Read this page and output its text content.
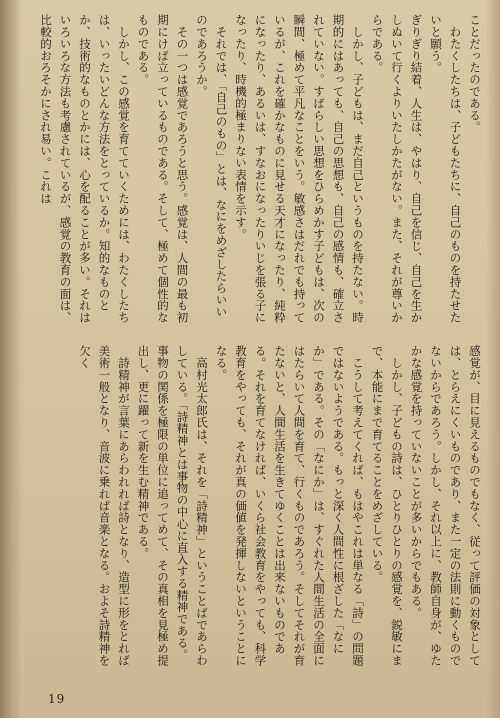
ことだったのである。

　わたくしたちは、子どもたちに、自己のものを持たせたいと願う。

ぎりぎり結着、人生は、やはり、自己を信じ、自己を生かしぬいて行くよりいたしかたがない。また、それが尊いからである。

　しかし、子どもは、まだ自己というものを持たない。時期的にはあっても、自己の思想も、自己の感情も、確立されていない。すばらしい思想をひらめかす子どもは、次の瞬間、極めて平凡なことをいう。敏感さはだれでも持っているが、これを確かなものに見せる天才になったり、純粋になったり、あるいは、すなおになったりいじを張る子になったり、時機的極まりない表情を示す。

　それでは、「自己のもの」とは、なにをめざしたらいいのであろうか。

　その一つは感覚であろうと思う。感覚は、人間の最も初期にけば立っているものである。そして、極めて個性的なものである。

　しかし、この感覚を育てていくためには、わたくしたちは、いったいどんな方法をとっているか。知的なものとか、技術的なものとかには、心を配ることが多い。それはいろいろな方法も考慮されているが、感覚の教育の面は、比較的おろそかにされ易い。これは

感覚が、目に見えるものでもなく、従って評価の対象としては、とらえにくいものであり、また一定の法則に動くものでないからであろう。しかし、それ以上に、教師自身が、ゆたかな感覚を持っていないことが多いからでもある。

　しかし、子どもの詩は、ひとりひとりの感覚を、鋭敏にまで、本能にまで育てることをめざしている。

　こうして考えてくれば、もはやこれは単なる「詩」の問題ではないようである。もっと深く人間性に根ざした「なにか」である。その「なにか」は、すぐれた人間生活の全面にはたらいて人間を育て、行くものであろう。そしてそれが育たないと、人間生活を生きてゆくことは出来ないものである。それを育てなければ、いくら社会教育をやっても、科学教育をやっても、それが真の価値を発揮しないということになる。

　高村光太郎氏は、それを「詩精神」ということばであらわしている。「詩精神とは事物の中心に直入する精神である。事物の関係を極限の単位に追ってめて、その真相を見極め提出し、更に躍って新を生む精神である。

　詩精神が言葉にあらわれれば詩となり、造型に形をとれば美術一般となり、音波に乗れば音楽となる。およそ詩精神を欠く

19
